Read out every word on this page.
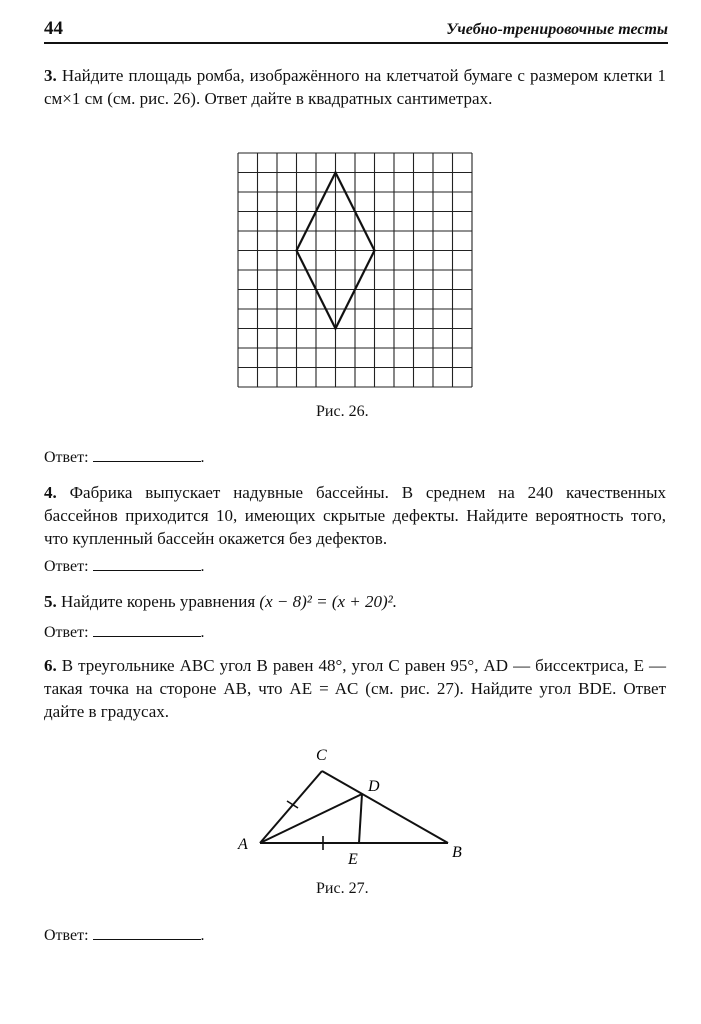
44	Учебно-тренировочные тесты
3. Найдите площадь ромба, изображённого на клетчатой бумаге с размером клетки 1 см×1 см (см. рис. 26). Ответ дайте в квадратных сантиметрах.
Рис. 26.
Ответ:	.
4. Фабрика выпускает надувные бассейны. В среднем на 240 качественных бассейнов приходится 10, имеющих скрытые дефекты. Найдите вероятность того, что купленный бассейн окажется без дефектов.
Ответ:	.
5. Найдите корень уравнения (x − 8)² = (x + 20)².
Ответ:	.
6. В треугольнике ABC угол B равен 48°, угол C равен 95°, AD — биссектриса, E — такая точка на стороне AB, что AE = AC (см. рис. 27). Найдите угол BDE. Ответ дайте в градусах.
C
D
A	B
E
Рис. 27.
Ответ:	.
